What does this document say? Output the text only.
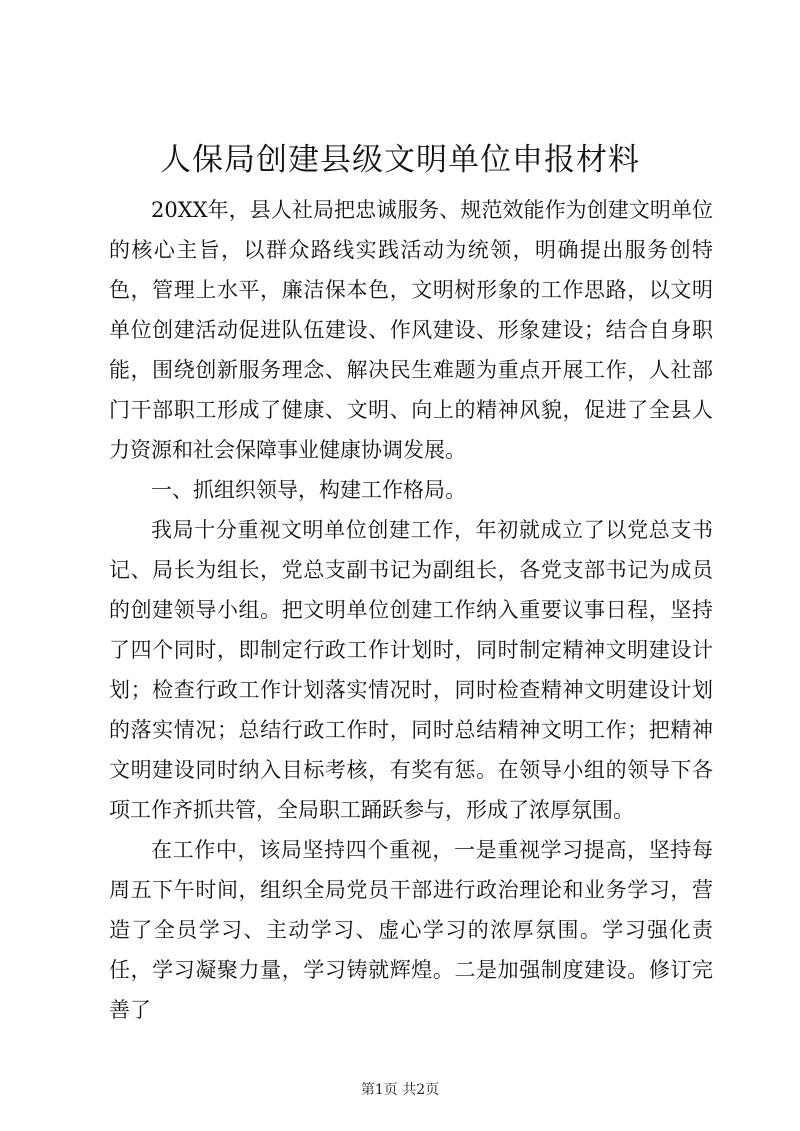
人保局创建县级文明单位申报材料

20XX年，县人社局把忠诚服务、规范效能作为创建文明单位的核心主旨，以群众路线实践活动为统领，明确提出服务创特色，管理上水平，廉洁保本色，文明树形象的工作思路，以文明单位创建活动促进队伍建设、作风建设、形象建设；结合自身职能，围绕创新服务理念、解决民生难题为重点开展工作，人社部门干部职工形成了健康、文明、向上的精神风貌，促进了全县人力资源和社会保障事业健康协调发展。

一、抓组织领导，构建工作格局。

我局十分重视文明单位创建工作，年初就成立了以党总支书记、局长为组长，党总支副书记为副组长，各党支部书记为成员的创建领导小组。把文明单位创建工作纳入重要议事日程，坚持了四个同时，即制定行政工作计划时，同时制定精神文明建设计划；检查行政工作计划落实情况时，同时检查精神文明建设计划的落实情况；总结行政工作时，同时总结精神文明工作；把精神文明建设同时纳入目标考核，有奖有惩。在领导小组的领导下各项工作齐抓共管，全局职工踊跃参与，形成了浓厚氛围。

在工作中，该局坚持四个重视，一是重视学习提高，坚持每周五下午时间，组织全局党员干部进行政治理论和业务学习，营造了全员学习、主动学习、虚心学习的浓厚氛围。学习强化责任，学习凝聚力量，学习铸就辉煌。二是加强制度建设。修订完善了

第1页 共2页
